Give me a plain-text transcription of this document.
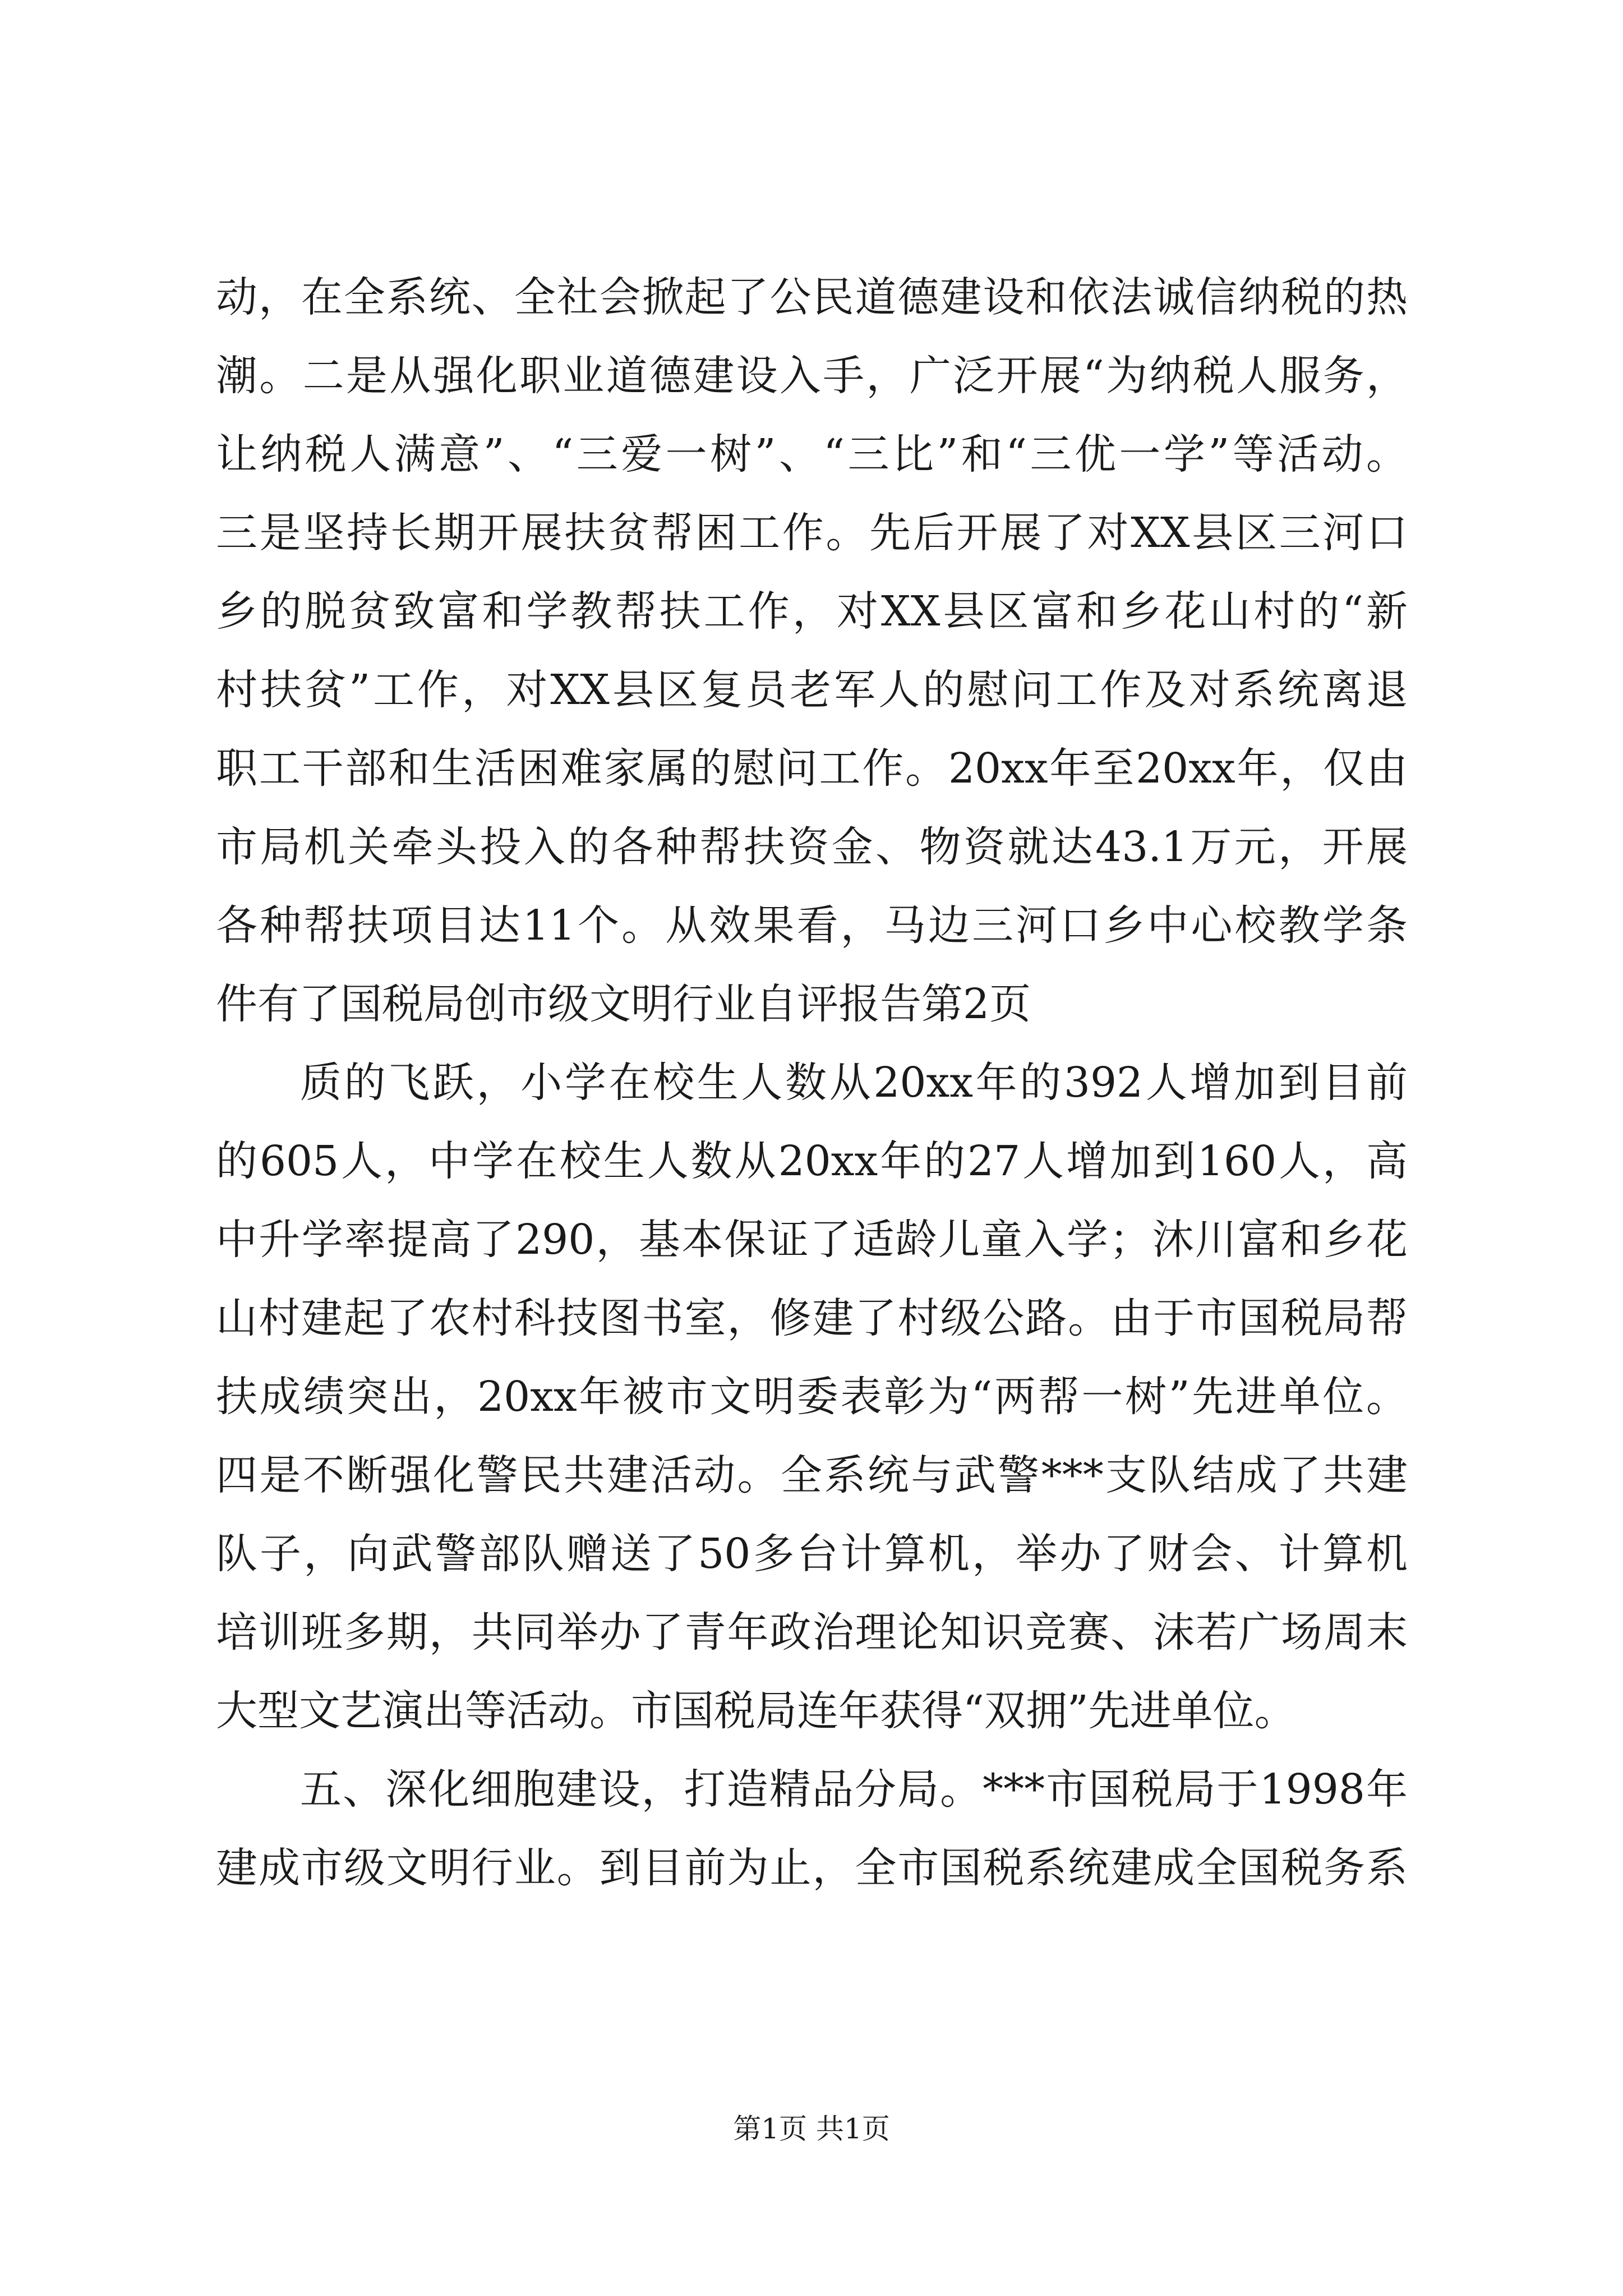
动，在全系统、全社会掀起了公民道德建设和依法诚信纳税的热
潮。二是从强化职业道德建设入手，广泛开展“为纳税人服务，
让纳税人满意”、“三爱一树”、“三比”和“三优一学”等活动。
三是坚持长期开展扶贫帮困工作。先后开展了对XX县区三河口
乡的脱贫致富和学教帮扶工作，对XX县区富和乡花山村的“新
村扶贫”工作，对XX县区复员老军人的慰问工作及对系统离退
职工干部和生活困难家属的慰问工作。20xx年至20xx年，仅由
市局机关牵头投入的各种帮扶资金、物资就达43.1万元，开展
各种帮扶项目达11个。从效果看，马边三河口乡中心校教学条
件有了国税局创市级文明行业自评报告第2页
质的飞跃，小学在校生人数从20xx年的392人增加到目前
的605人，中学在校生人数从20xx年的27人增加到160人，高
中升学率提高了290，基本保证了适龄儿童入学；沐川富和乡花
山村建起了农村科技图书室，修建了村级公路。由于市国税局帮
扶成绩突出，20xx年被市文明委表彰为“两帮一树”先进单位。
四是不断强化警民共建活动。全系统与武警***支队结成了共建
队子，向武警部队赠送了50多台计算机，举办了财会、计算机
培训班多期，共同举办了青年政治理论知识竞赛、沫若广场周末
大型文艺演出等活动。市国税局连年获得“双拥”先进单位。
五、深化细胞建设，打造精品分局。***市国税局于1998年
建成市级文明行业。到目前为止，全市国税系统建成全国税务系
第1页 共1页
